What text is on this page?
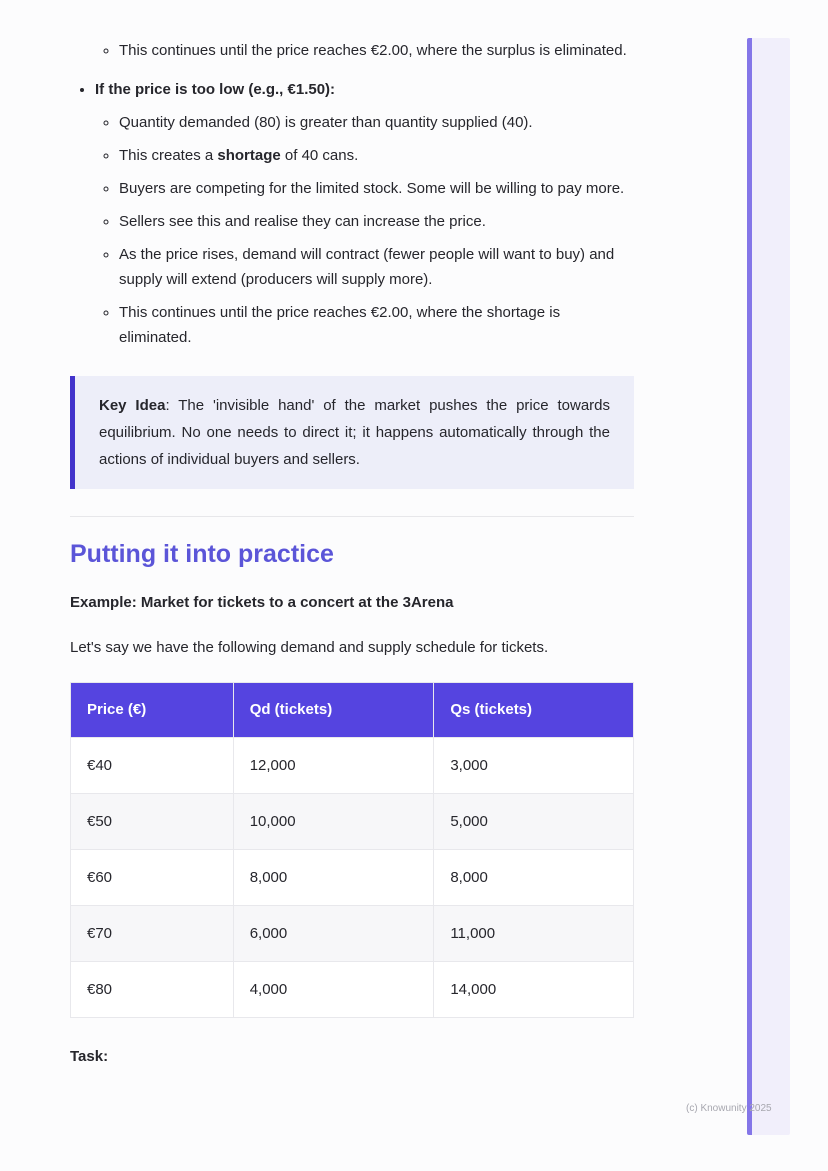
◦ This continues until the price reaches €2.00, where the surplus is eliminated.
• If the price is too low (e.g., €1.50):
◦ Quantity demanded (80) is greater than quantity supplied (40).
◦ This creates a shortage of 40 cans.
◦ Buyers are competing for the limited stock. Some will be willing to pay more.
◦ Sellers see this and realise they can increase the price.
◦ As the price rises, demand will contract (fewer people will want to buy) and supply will extend (producers will supply more).
◦ This continues until the price reaches €2.00, where the shortage is eliminated.

Key Idea: The 'invisible hand' of the market pushes the price towards equilibrium. No one needs to direct it; it happens automatically through the actions of individual buyers and sellers.

Putting it into practice

Example: Market for tickets to a concert at the 3Arena

Let's say we have the following demand and supply schedule for tickets.

Price (€)	Qd (tickets)	Qs (tickets)
€40	12,000	3,000
€50	10,000	5,000
€60	8,000	8,000
€70	6,000	11,000
€80	4,000	14,000

Task:

(c) Knowunity 2025
